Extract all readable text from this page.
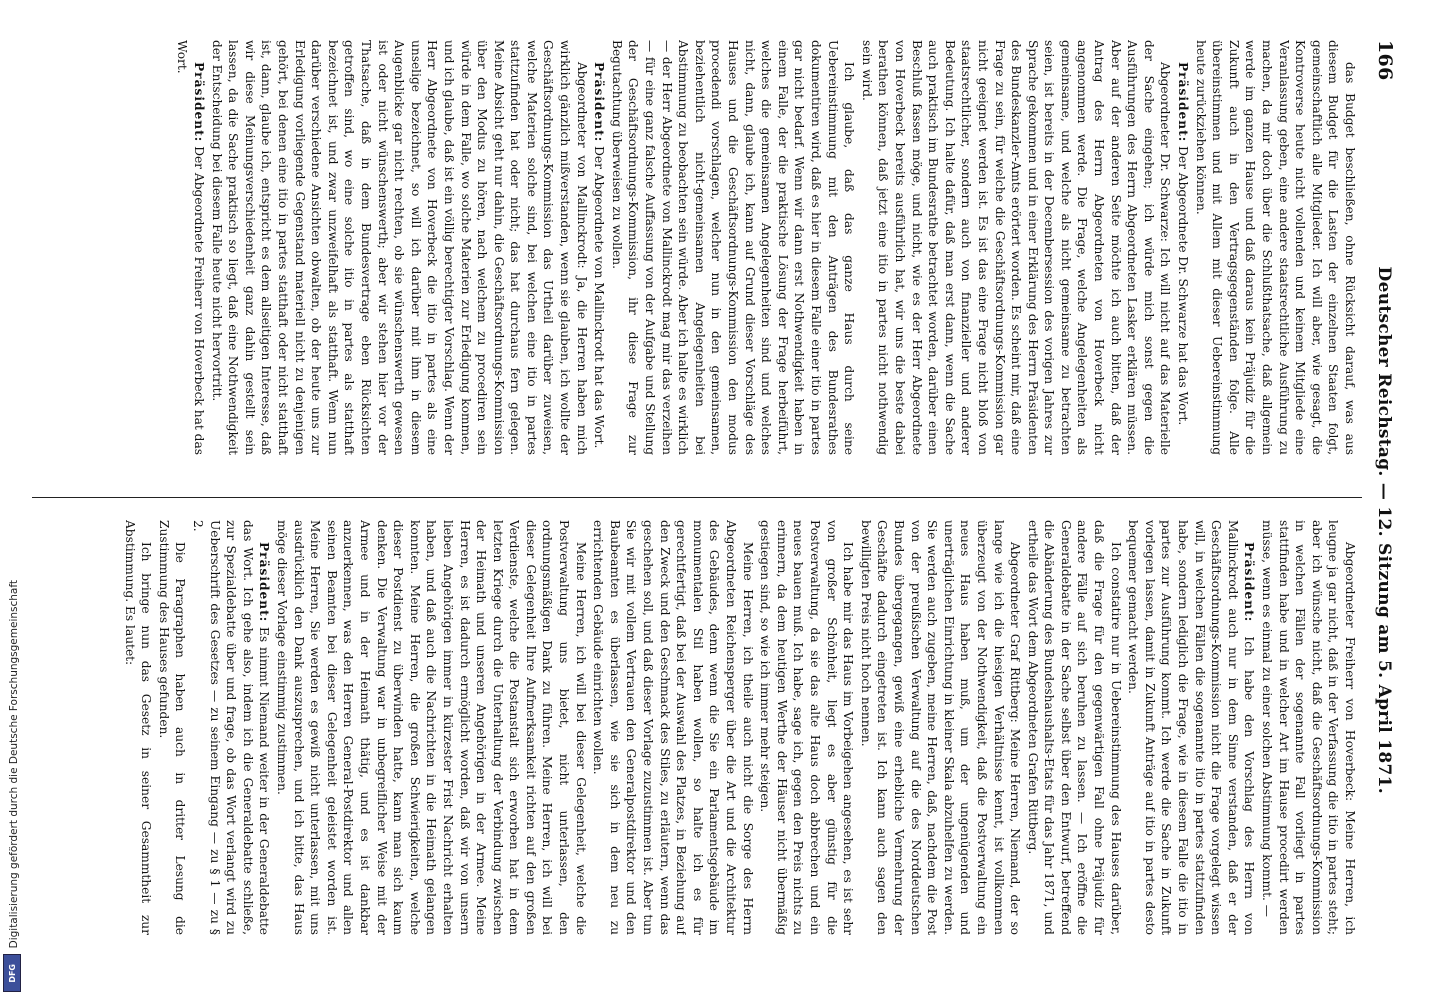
166
Deutscher Reichstag. — 12. Sitzung am 5. April 1871.

das Budget beschließen, ohne Rücksicht darauf, was aus diesem Budget für die Lasten der einzelnen Staaten folgt, gemeinschaftlich alle Mitglieder. Ich will aber, wie gesagt, die Kontroverse heute nicht vollenden und keinem Mitgliede eine Veranlassung geben, eine andere staatsrechtliche Ausführung zu machen, da mir doch über die Schlußthatsache, daß allgemein werde im ganzen Hause und daß daraus kein Präjudiz für die Zukunft auch in den Vertragsgegenständen folge. Alle übereinstimmen und mit Allem mit dieser Uebereinstimmung heute zurückziehen können.

Präsident: Der Abgeordnete Dr. Schwarze hat das Wort.

Abgeordneter Dr. Schwarze: Ich will nicht auf das Materielle der Sache eingehen; ich würde mich sonst gegen die Ausführungen des Herrn Abgeordneten Lasker erklären müssen. Aber auf der anderen Seite möchte ich auch bitten, daß der Antrag des Herrn Abgeordneten von Hoverbeck nicht angenommen werde. Die Frage, welche Angelegenheiten als gemeinsame, und welche als nicht gemeinsame zu betrachten seien, ist bereits in der Decembersession des vorigen Jahres zur Sprache gekommen und in einer Erklärung des Herrn Präsidenten des Bundeskanzler-Amts erörtert worden. Es scheint mir, daß eine Frage zu sein, für welche die Geschäftsordnungs-Kommission gar nicht geeignet werden ist. Es ist das eine Frage nicht bloß von staatsrechtlicher, sondern auch von finanzieller und anderer Bedeutung. Ich halte dafür, daß man erst dann, wenn die Sache auch praktisch im Bundesrathe betrachtet worden, darüber einen Beschluß fassen möge, und nicht, wie es der Herr Abgeordnete von Hoverbeck bereits ausführlich hat, wir uns die beste dabei berathen können, daß jetzt eine itio in partes nicht nothwendig sein wird.

Ich glaube, daß das ganze Haus durch seine Uebereinstimmung mit den Anträgen des Bundesrathes dokumentiren wird, daß es hier in diesem Falle einer itio in partes gar nicht bedarf. Wenn wir dann erst Nothwendigkeit haben in einem Falle, der die praktische Lösung der Frage herbeiführt, welches die gemeinsamen Angelegenheiten sind und welches nicht, dann, glaube ich, kann auf Grund dieser Vorschläge des Hauses und die Geschäftsordnungs-Kommission den modus procedendi vorschlagen, welcher nun in den gemeinsamen, beziehentlich nicht-gemeinsamen Angelegenheiten bei Abstimmung zu beobachten sein würde. Aber ich halte es wirklich — der Herr Abgeordnete von Mallinckrodt mag mir das verzeihen — für eine ganz falsche Auffassung von der Aufgabe und Stellung der Geschäftsordnungs-Kommission, ihr diese Frage zur Begutachtung überweisen zu wollen.

Präsident: Der Abgeordnete von Mallinckrodt hat das Wort.

Abgeordneter von Mallinckrodt: Ja, die Herren haben mich wirklich gänzlich mißverstanden, wenn sie glauben, ich wollte der Geschäftsordnungs-Kommission das Urtheil darüber zuweisen, welche Materien solche sind, bei welchen eine itio in partes stattzufinden hat oder nicht; das hat durchaus fern gelegen. Meine Absicht geht nur dahin, die Geschäftsordnungs-Kommission über den Modus zu hören, nach welchem zu procediren sein würde in dem Falle, wo solche Materien zur Erledigung kommen, und ich glaube, daß ist ein völlig berechtigter Vorschlag. Wenn der Herr Abgeordnete von Hoverbeck die itio in partes als eine unselige bezeichnet, so will ich darüber mit ihm in diesem Augenblicke gar nicht rechten, ob sie wünschenswerth gewesen ist oder nicht wünschenswerth; aber wir stehen hier vor der Thatsache, daß in dem Bundesvertrage eben Rücksichten getroffen sind, wo eine solche itio in partes als statthaft bezeichnet ist, und zwar unzweifelhaft als statthaft. Wenn nun darüber verschiedene Ansichten obwalten, ob der heute uns zur Erledigung vorliegende Gegenstand materiell nicht zu denjenigen gehört, bei denen eine itio in partes statthaft oder nicht statthaft ist, dann, glaube ich, entspricht es dem allseitigen Interesse, daß wir diese Meinungsverschiedenheit ganz dahin gestellt sein lassen, da die Sache praktisch so liegt, daß eine Nothwendigkeit der Entscheidung bei diesem Falle heute nicht hervortritt.

Präsident: Der Abgeordnete Freiherr von Hoverbeck hat das Wort.

Abgeordneter Freiherr von Hoverbeck: Meine Herren, ich leugne ja gar nicht, daß in der Verfassung die itio in partes steht; aber ich wünsche nicht, daß die Geschäftsordnungs-Kommission in welchen Fällen der sogenannte Fall vorliegt in partes stattfinden habe und in welcher Art im Hause procedirt werden müsse, wenn es einmal zu einer solchen Abstimmung kommt. —

Präsident: Ich habe den Vorschlag des Herrn von Mallinckrodt auch nur in dem Sinne verstanden, daß er der Geschäftsordnungs-Kommission nicht die Frage vorgelegt wissen will, in welchen Fällen die sogenannte itio in partes stattzufinden habe, sondern lediglich die Frage, wie in diesem Falle die itio in partes zur Ausführung kommt. Ich werde die Sache in Zukunft vorlegen lassen, damit in Zukunft Anträge auf itio in partes desto bequemer gemacht werden.

Ich constatire nur in Uebereinstimmung des Hauses darüber, daß die Frage für den gegenwärtigen Fall ohne Präjudiz für andere Fälle auf sich beruhen zu lassen. — Ich eröffne die Generaldebatte in der Sache selbst über den Entwurf, betreffend die Abänderung des Bundeshaushalts-Etats für das Jahr 1871, und ertheile das Wort dem Abgeordneten Grafen Rittberg.

Abgeordneter Graf Rittberg: Meine Herren, Niemand, der so lange wie ich die hiesigen Verhältnisse kennt, ist vollkommen überzeugt von der Nothwendigkeit, daß die Postverwaltung ein neues Haus haben muß, um der ungenügenden und unerträglichen Einrichtung in kleiner Skala abzuhelfen zu werden. Sie werden auch zugeben, meine Herren, daß, nachdem die Post von der preußischen Verwaltung auf die des Norddeutschen Bundes übergegangen, gewiß eine erhebliche Vermehrung der Geschäfte dadurch eingetreten ist. Ich kann auch sagen den bewilligten Preis nicht hoch nennen.

Ich habe mir das Haus im Vorbeigehen angesehen, es ist sehr von großer Schönheit, liegt es aber günstig für die Postverwaltung, da sie das alte Haus doch abbrechen und ein neues bauen muß. Ich habe, sage ich, gegen den Preis nichts zu erinnern, da dem heutigen Werthe der Häuser nicht übermäßig gestiegen sind, so wie ich immer mehr steigen.

Meine Herren, ich theile auch nicht die Sorge des Herrn Abgeordneten Reichensperger über die Art und die Architektur des Gebäudes, denn wenn die Sie ein Parlamentsgebäude im monumentalen Stil haben wollen, so halte ich es für gerechtfertigt, daß bei der Auswahl des Platzes, in Beziehung auf den Zweck und den Geschmack des Stiles, zu erläutern, wenn das geschehen soll, und daß dieser Vorlage zuzustimmen ist. Aber tun Sie wir mit vollem Vertrauen den Generalpostdirektor und den Baubeamten es überlassen, wie sie sich in dem neu zu errichtenden Gebäude einrichten wollen.

Meine Herren, ich will bei dieser Gelegenheit, welche die Postverwaltung uns bietet, nicht unterlassen, den ordnungsmäßigen Dank zu führen. Meine Herren, ich will bei dieser Gelegenheit Ihre Aufmerksamkeit richten auf den großen Verdienste, welche die Postanstalt sich erworben hat in dem letzten Kriege durch die Unterhaltung der Verbindung zwischen der Heimath und unseren Angehörigen in der Armee. Meine Herren, es ist dadurch ermöglicht worden, daß wir von unsern lieben Angehörigen immer in kürzester Frist Nachricht erhalten haben, und daß auch die Nachrichten in die Heimath gelangen konnten. Meine Herren, die großen Schwierigkeiten, welche dieser Postdienst zu überwinden hatte, kann man sich kaum denken. Die Verwaltung war in unbegreiflicher Weise mit der Armee und in der Heimath thätig, und es ist dankbar anzuerkennen, was den Herren General-Postdirektor und allen seinen Beamten bei dieser Gelegenheit geleistet worden ist. Meine Herren, Sie werden es gewiß nicht unterlassen, mit uns ausdrücklich den Dank auszusprechen, und ich bitte, das Haus möge dieser Vorlage einstimmig zustimmen.

Präsident: Es nimmt Niemand weiter in der Generaldebatte das Wort. Ich gehe also, indem ich die Generaldebatte schließe, zur Spezialdebatte über und frage, ob das Wort verlangt wird zu Ueberschrift des Gesetzes — zu seinem Eingang — zu § 1 — zu § 2.

Die Paragraphen haben auch in dritter Lesung die Zustimmung des Hauses gefunden.

Ich bringe nun das Gesetz in seiner Gesammtheit zur Abstimmung. Es lautet:

Digitalisierung gefördert durch die Deutsche Forschungsgemeinschaft
DFG
